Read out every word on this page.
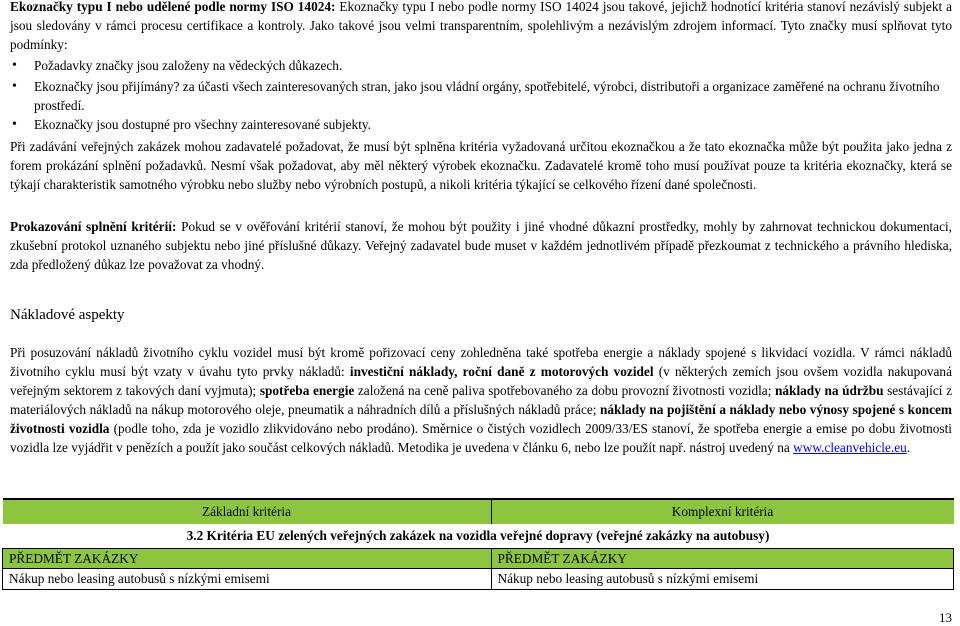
Ekoznačky typu I nebo udělené podle normy ISO 14024: Ekoznačky typu I nebo podle normy ISO 14024 jsou takové, jejichž hodnotící kritéria stanoví nezávislý subjekt a jsou sledovány v rámci procesu certifikace a kontroly. Jako takové jsou velmi transparentním, spolehlivým a nezávislým zdrojem informací. Tyto značky musí splňovat tyto podmínky:

• Požadavky značky jsou založeny na vědeckých důkazech.
• Ekoznačky jsou přijímány? za účasti všech zainteresovaných stran, jako jsou vládní orgány, spotřebitelé, výrobci, distributoři a organizace zaměřené na ochranu životního prostředí.
• Ekoznačky jsou dostupné pro všechny zainteresované subjekty.

Při zadávání veřejných zakázek mohou zadavatelé požadovat, že musí být splněna kritéria vyžadovaná určitou ekoznačkou a že tato ekoznačka může být použita jako jedna z forem prokázání splnění požadavků. Nesmí však požadovat, aby měl některý výrobek ekoznačku. Zadavatelé kromě toho musí používat pouze ta kritéria ekoznačky, která se týkají charakteristik samotného výrobku nebo služby nebo výrobních postupů, a nikoli kritéria týkající se celkového řízení dané společnosti.

Prokazování splnění kritérií: Pokud se v ověřování kritérií stanoví, že mohou být použity i jiné vhodné důkazní prostředky, mohly by zahrnovat technickou dokumentaci, zkušební protokol uznaného subjektu nebo jiné příslušné důkazy. Veřejný zadavatel bude muset v každém jednotlivém případě přezkoumat z technického a právního hlediska, zda předložený důkaz lze považovat za vhodný.

Při posuzování nákladů životního cyklu vozidel musí být kromě pořizovací ceny zohledněna také spotřeba energie a náklady spojené s likvidací vozidla. V rámci nákladů životního cyklu musí být vzaty v úvahu tyto prvky nákladů: investiční náklady, roční daně z motorových vozidel (v některých zemích jsou ovšem vozidla nakupovaná veřejným sektorem z takových daní vyjmuta); spotřeba energie založená na ceně paliva spotřebovaného za dobu provozní životnosti vozidla; náklady na údržbu sestávající z materiálových nákladů na nákup motorového oleje, pneumatik a náhradních dílů a příslušných nákladů práce; náklady na pojištění a náklady nebo výnosy spojené s koncem životnosti vozidla (podle toho, zda je vozidlo zlikvidováno nebo prodáno). Směrnice o čistých vozidlech 2009/33/ES stanoví, že spotřeba energie a emise po dobu životnosti vozidla lze vyjádřit v penězích a použít jako součást celkových nákladů. Metodika je uvedena v článku 6, nebo lze použít např. nástroj uvedený na www.cleanvehicle.eu.

Nákladové aspekty
Základní kritéria	Komplexní kritéria
3.2 Kritéria EU zelených veřejných zakázek na vozidla veřejné dopravy (veřejné zakázky na autobusy)	
PŘEDMĚT ZAKÁZKY	PŘEDMĚT ZAKÁZKY
Nákup nebo leasing autobusů s nízkými emisemi	Nákup nebo leasing autobusů s nízkými emisemi
13
